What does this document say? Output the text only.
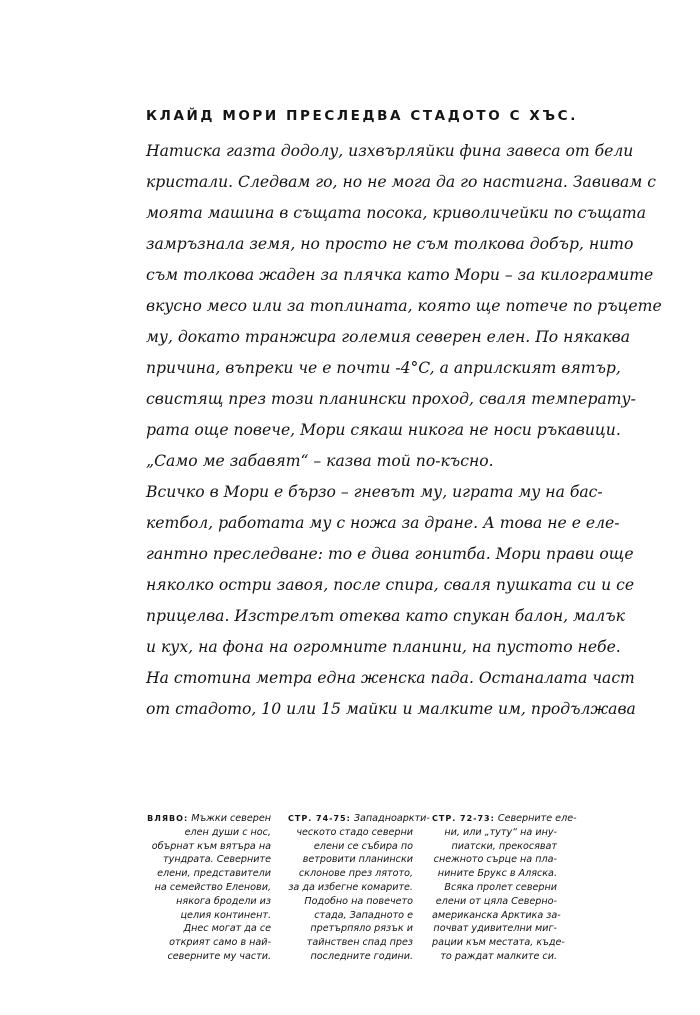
КЛАЙД МОРИ ПРЕСЛЕДВА СТАДОТО С ХЪС.
Натиска газта додолу, изхвърляйки фина завеса от бели
кристали. Следвам го, но не мога да го настигна. Завивам с
моята машина в същата посока, криволичейки по същата
замръзнала земя, но просто не съм толкова добър, нито
съм толкова жаден за плячка като Мори – за килограмите
вкусно месо или за топлината, която ще потече по ръцете
му, докато транжира големия северен елен. По някаква
причина, въпреки че е почти -4°C, а априлският вятър,
свистящ през този планински проход, сваля температу-
рата още повече, Мори сякаш никога не носи ръкавици.
„Само ме забавят“ – казва той по-късно.
Всичко в Мори е бързо – гневът му, играта му на бас-
кетбол, работата му с ножа за дране. А това не е еле-
гантно преследване: то е дива гонитба. Мори прави още
няколко остри завоя, после спира, сваля пушката си и се
прицелва. Изстрелът отеква като спукан балон, малък
и кух, на фона на огромните планини, на пустото небе.
На стотина метра една женска пада. Останалата част
от стадото, 10 или 15 майки и малките им, продължава
ВЛЯВО: Мъжки северен
елен души с нос,
обърнат към вятъра на
тундрата. Северните
елени, представители
на семейство Еленови,
някога бродели из
целия континент.
Днес могат да се
открият само в най-
северните му части.
СТР. 74-75: Западноаркти-
ческото стадо северни
елени се събира по
ветровити планински
склонове през лятото,
за да избегне комарите.
Подобно на повечето
стада, Западното е
претърпяло рязък и
тайнствен спад през
последните години.
СТР. 72-73: Северните еле-
ни, или „туту“ на ину-
пиатски, прекосяват
снежното сърце на пла-
нините Брукс в Аляска.
Всяка пролет северни
елени от цяла Северно-
американска Арктика за-
почват удивителни миг-
рации към местата, къде-
то раждат малките си.
